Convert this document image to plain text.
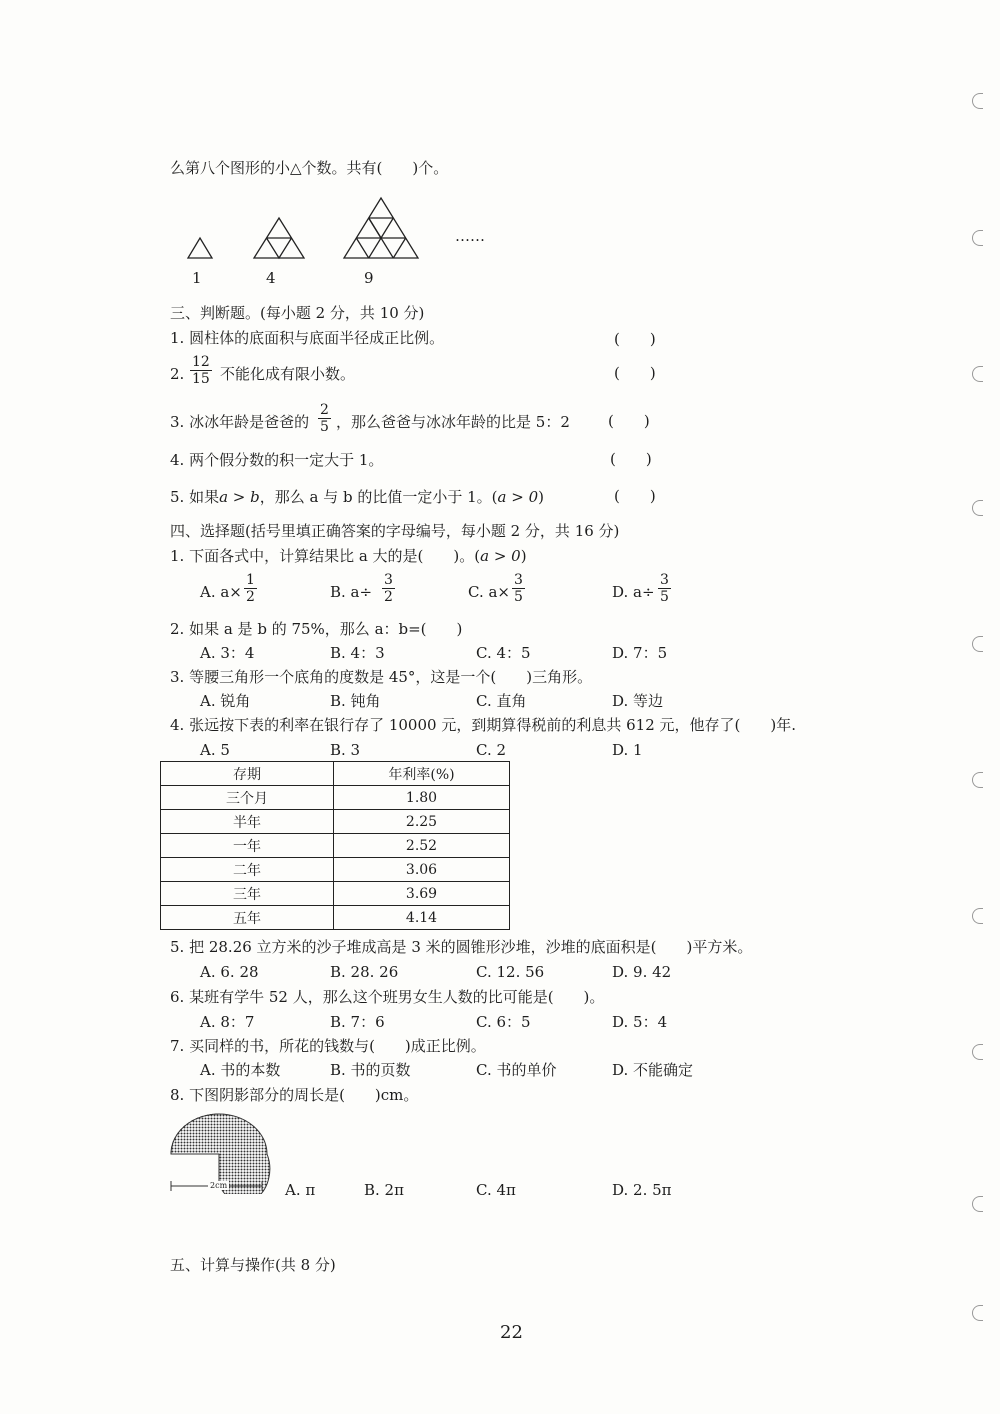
么第八个图形的小△个数。共有(　　)个。
……
1	4	9
三、判断题。(每小题 2 分，共 10 分)
1. 圆柱体的底面积与底面半径成正比例。	(　　)
2. $\frac{12}{15}$ 不能化成有限小数。	(　　)
3. 冰冰年龄是爸爸的 $\frac{2}{5}$ ，那么爸爸与冰冰年龄的比是 5：2	(　　)
4. 两个假分数的积一定大于 1。	(　　)
5. 如果a > b，那么 a 与 b 的比值一定小于 1。(a > 0)	(　　)
四、选择题(括号里填正确答案的字母编号，每小题 2 分，共 16 分)
1. 下面各式中，计算结果比 a 大的是(　　)。(a > 0)
A. $a\times \frac{1}{2}$	B. $a\div \frac{3}{2}$	C. $a\times \frac{3}{5}$	D. $a\div \frac{3}{5}$
2. 如果 a 是 b 的 75%，那么 a：b=(　　)
A. 3：4	B. 4：3	C. 4：5	D. 7：5
3. 等腰三角形一个底角的度数是 45°，这是一个(　　)三角形。
A. 锐角	B. 钝角	C. 直角	D. 等边
4. 张远按下表的利率在银行存了 10000 元，到期算得税前的利息共 612 元，他存了(　　)年.
A. 5	B. 3	C. 2	D. 1
存期	年利率(%)
三个月	1.80
半年	2.25
一年	2.52
二年	3.06
三年	3.69
五年	4.14
5. 把 28.26 立方米的沙子堆成高是 3 米的圆锥形沙堆，沙堆的底面积是(　　)平方米。
A. 6. 28	B. 28. 26	C. 12. 56	D. 9. 42
6. 某班有学牛 52 人，那么这个班男女生人数的比可能是(　　)。
A. 8：7	B. 7：6	C. 6：5	D. 5：4
7. 买同样的书，所花的钱数与(　　)成正比例。
A. 书的本数	B. 书的页数	C. 书的单价	D. 不能确定
8. 下图阴影部分的周长是(　　)cm。
2cm	A. π	B. 2π	C. 4π	D. 2. 5π
五、计算与操作(共 8 分)
22
